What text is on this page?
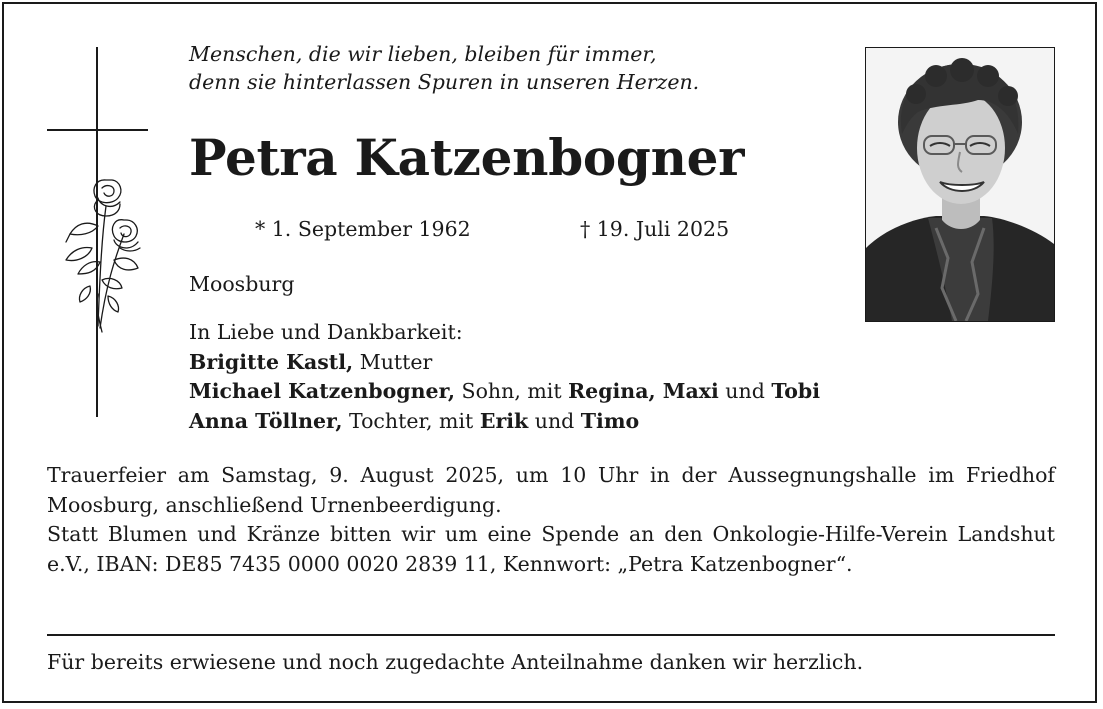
Menschen, die wir lieben, bleiben für immer,
denn sie hinterlassen Spuren in unseren Herzen.
Petra Katzenbogner
* 1. September 1962	† 19. Juli 2025
Moosburg
In Liebe und Dankbarkeit:
Brigitte Kastl, Mutter
Michael Katzenbogner, Sohn, mit Regina, Maxi und Tobi
Anna Töllner, Tochter, mit Erik und Timo

Trauerfeier am Samstag, 9. August 2025, um 10 Uhr in der Aussegnungshalle im Friedhof Moosburg, anschließend Urnenbeerdigung.

Statt Blumen und Kränze bitten wir um eine Spende an den Onkologie-Hilfe-Verein Landshut e.V., IBAN: DE85 7435 0000 0020 2839 11, Kennwort: „Petra Katzenbogner“.

Für bereits erwiesene und noch zugedachte Anteilnahme danken wir herzlich.
